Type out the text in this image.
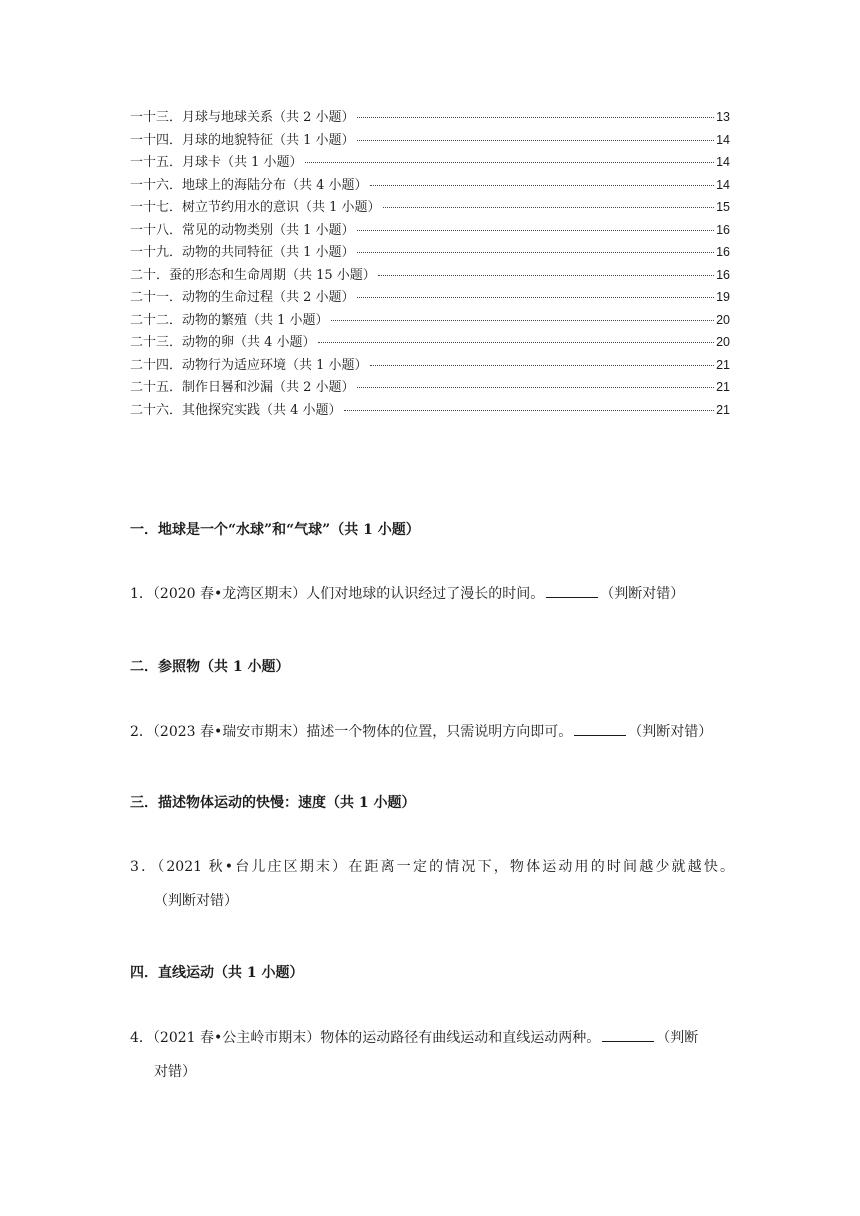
一十三．月球与地球关系（共 2 小题）	13
一十四．月球的地貌特征（共 1 小题）	14
一十五．月球卡（共 1 小题）	14
一十六．地球上的海陆分布（共 4 小题）	14
一十七．树立节约用水的意识（共 1 小题）	15
一十八．常见的动物类别（共 1 小题）	16
一十九．动物的共同特征（共 1 小题）	16
二十．蚕的形态和生命周期（共 15 小题）	16
二十一．动物的生命过程（共 2 小题）	19
二十二．动物的繁殖（共 1 小题）	20
二十三．动物的卵（共 4 小题）	20
二十四．动物行为适应环境（共 1 小题）	21
二十五．制作日晷和沙漏（共 2 小题）	21
二十六．其他探究实践（共 4 小题）	21
一．地球是一个“水球”和“气球”（共 1 小题）
1．（2020 春•龙湾区期末）人们对地球的认识经过了漫长的时间。	（判断对错）
二．参照物（共 1 小题）
2．（2023 春•瑞安市期末）描述一个物体的位置，只需说明方向即可。	（判断对错）
三．描述物体运动的快慢：速度（共 1 小题）
3．（2021 秋•台儿庄区期末）在距离一定的情况下，物体运动用的时间越少就越快。
（判断对错）
四．直线运动（共 1 小题）
4．（2021 春•公主岭市期末）物体的运动路径有曲线运动和直线运动两种。	（判断
对错）
